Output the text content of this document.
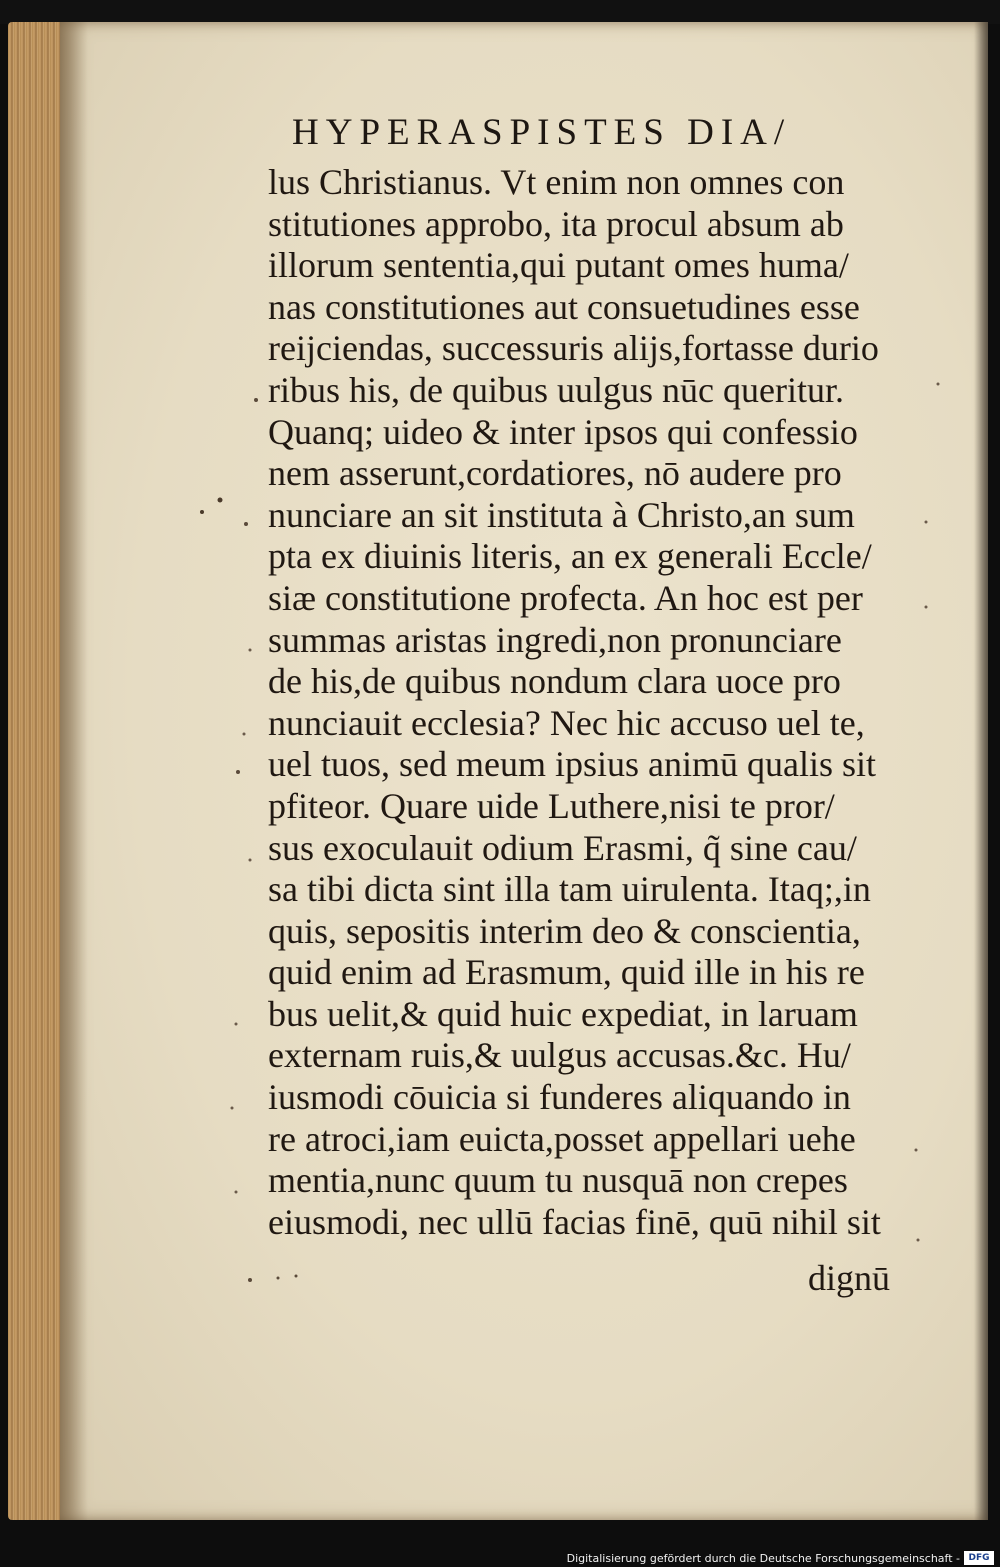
HYPERASPISTES DIA/
lus Christianus. Vt enim non omnes con
stitutiones approbo, ita procul absum ab
illorum sententia,qui putant omes huma/
nas constitutiones aut consuetudines esse
reijciendas, successuris alijs,fortasse durio
ribus his, de quibus uulgus nūc queritur.
Quanq; uideo & inter ipsos qui confessio
nem asserunt,cordatiores, nō audere pro
nunciare an sit instituta à Christo,an sum
pta ex diuinis literis, an ex generali Eccle/
siæ constitutione profecta. An hoc est per
summas aristas ingredi,non pronunciare
de his,de quibus nondum clara uoce pro
nunciauit ecclesia? Nec hic accuso uel te,
uel tuos, sed meum ipsius animū qualis sit
pfiteor. Quare uide Luthere,nisi te pror/
sus exoculauit odium Erasmi, q̃ sine cau/
sa tibi dicta sint illa tam uirulenta. Itaq;,in
quis, sepositis interim deo & conscientia,
quid enim ad Erasmum, quid ille in his re
bus uelit,& quid huic expediat, in laruam
externam ruis,& uulgus accusas.&c. Hu/
iusmodi cōuicia si funderes aliquando in
re atroci,iam euicta,posset appellari uehe
mentia,nunc quum tu nusquā non crepes
eiusmodi, nec ullū facias finē, quū nihil sit
dignū
Digitalisierung gefördert durch die Deutsche Forschungsgemeinschaft - DFG
